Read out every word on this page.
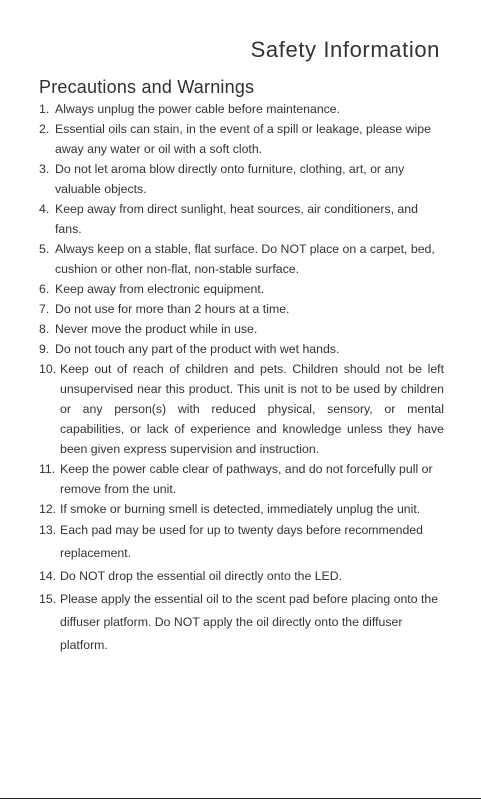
Safety Information
Precautions and Warnings
1. Always unplug the power cable before maintenance.
2. Essential oils can stain, in the event of a spill or leakage, please wipe away any water or oil with a soft cloth.
3. Do not let aroma blow directly onto furniture, clothing, art, or any valuable objects.
4. Keep away from direct sunlight, heat sources, air conditioners, and fans.
5. Always keep on a stable, flat surface. Do NOT place on a carpet, bed, cushion or other non-flat, non-stable surface.
6. Keep away from electronic equipment.
7. Do not use for more than 2 hours at a time.
8. Never move the product while in use.
9. Do not touch any part of the product with wet hands.
10. Keep out of reach of children and pets. Children should not be left unsupervised near this product. This unit is not to be used by children or any person(s) with reduced physical, sensory, or mental capabilities, or lack of experience and knowledge unless they have been given express supervision and instruction.
11. Keep the power cable clear of pathways, and do not forcefully pull or remove from the unit.
12. If smoke or burning smell is detected, immediately unplug the unit.
13. Each pad may be used for up to twenty days before recommended replacement.
14. Do NOT drop the essential oil directly onto the LED.
15. Please apply the essential oil to the scent pad before placing onto the diffuser platform. Do NOT apply the oil directly onto the diffuser platform.
